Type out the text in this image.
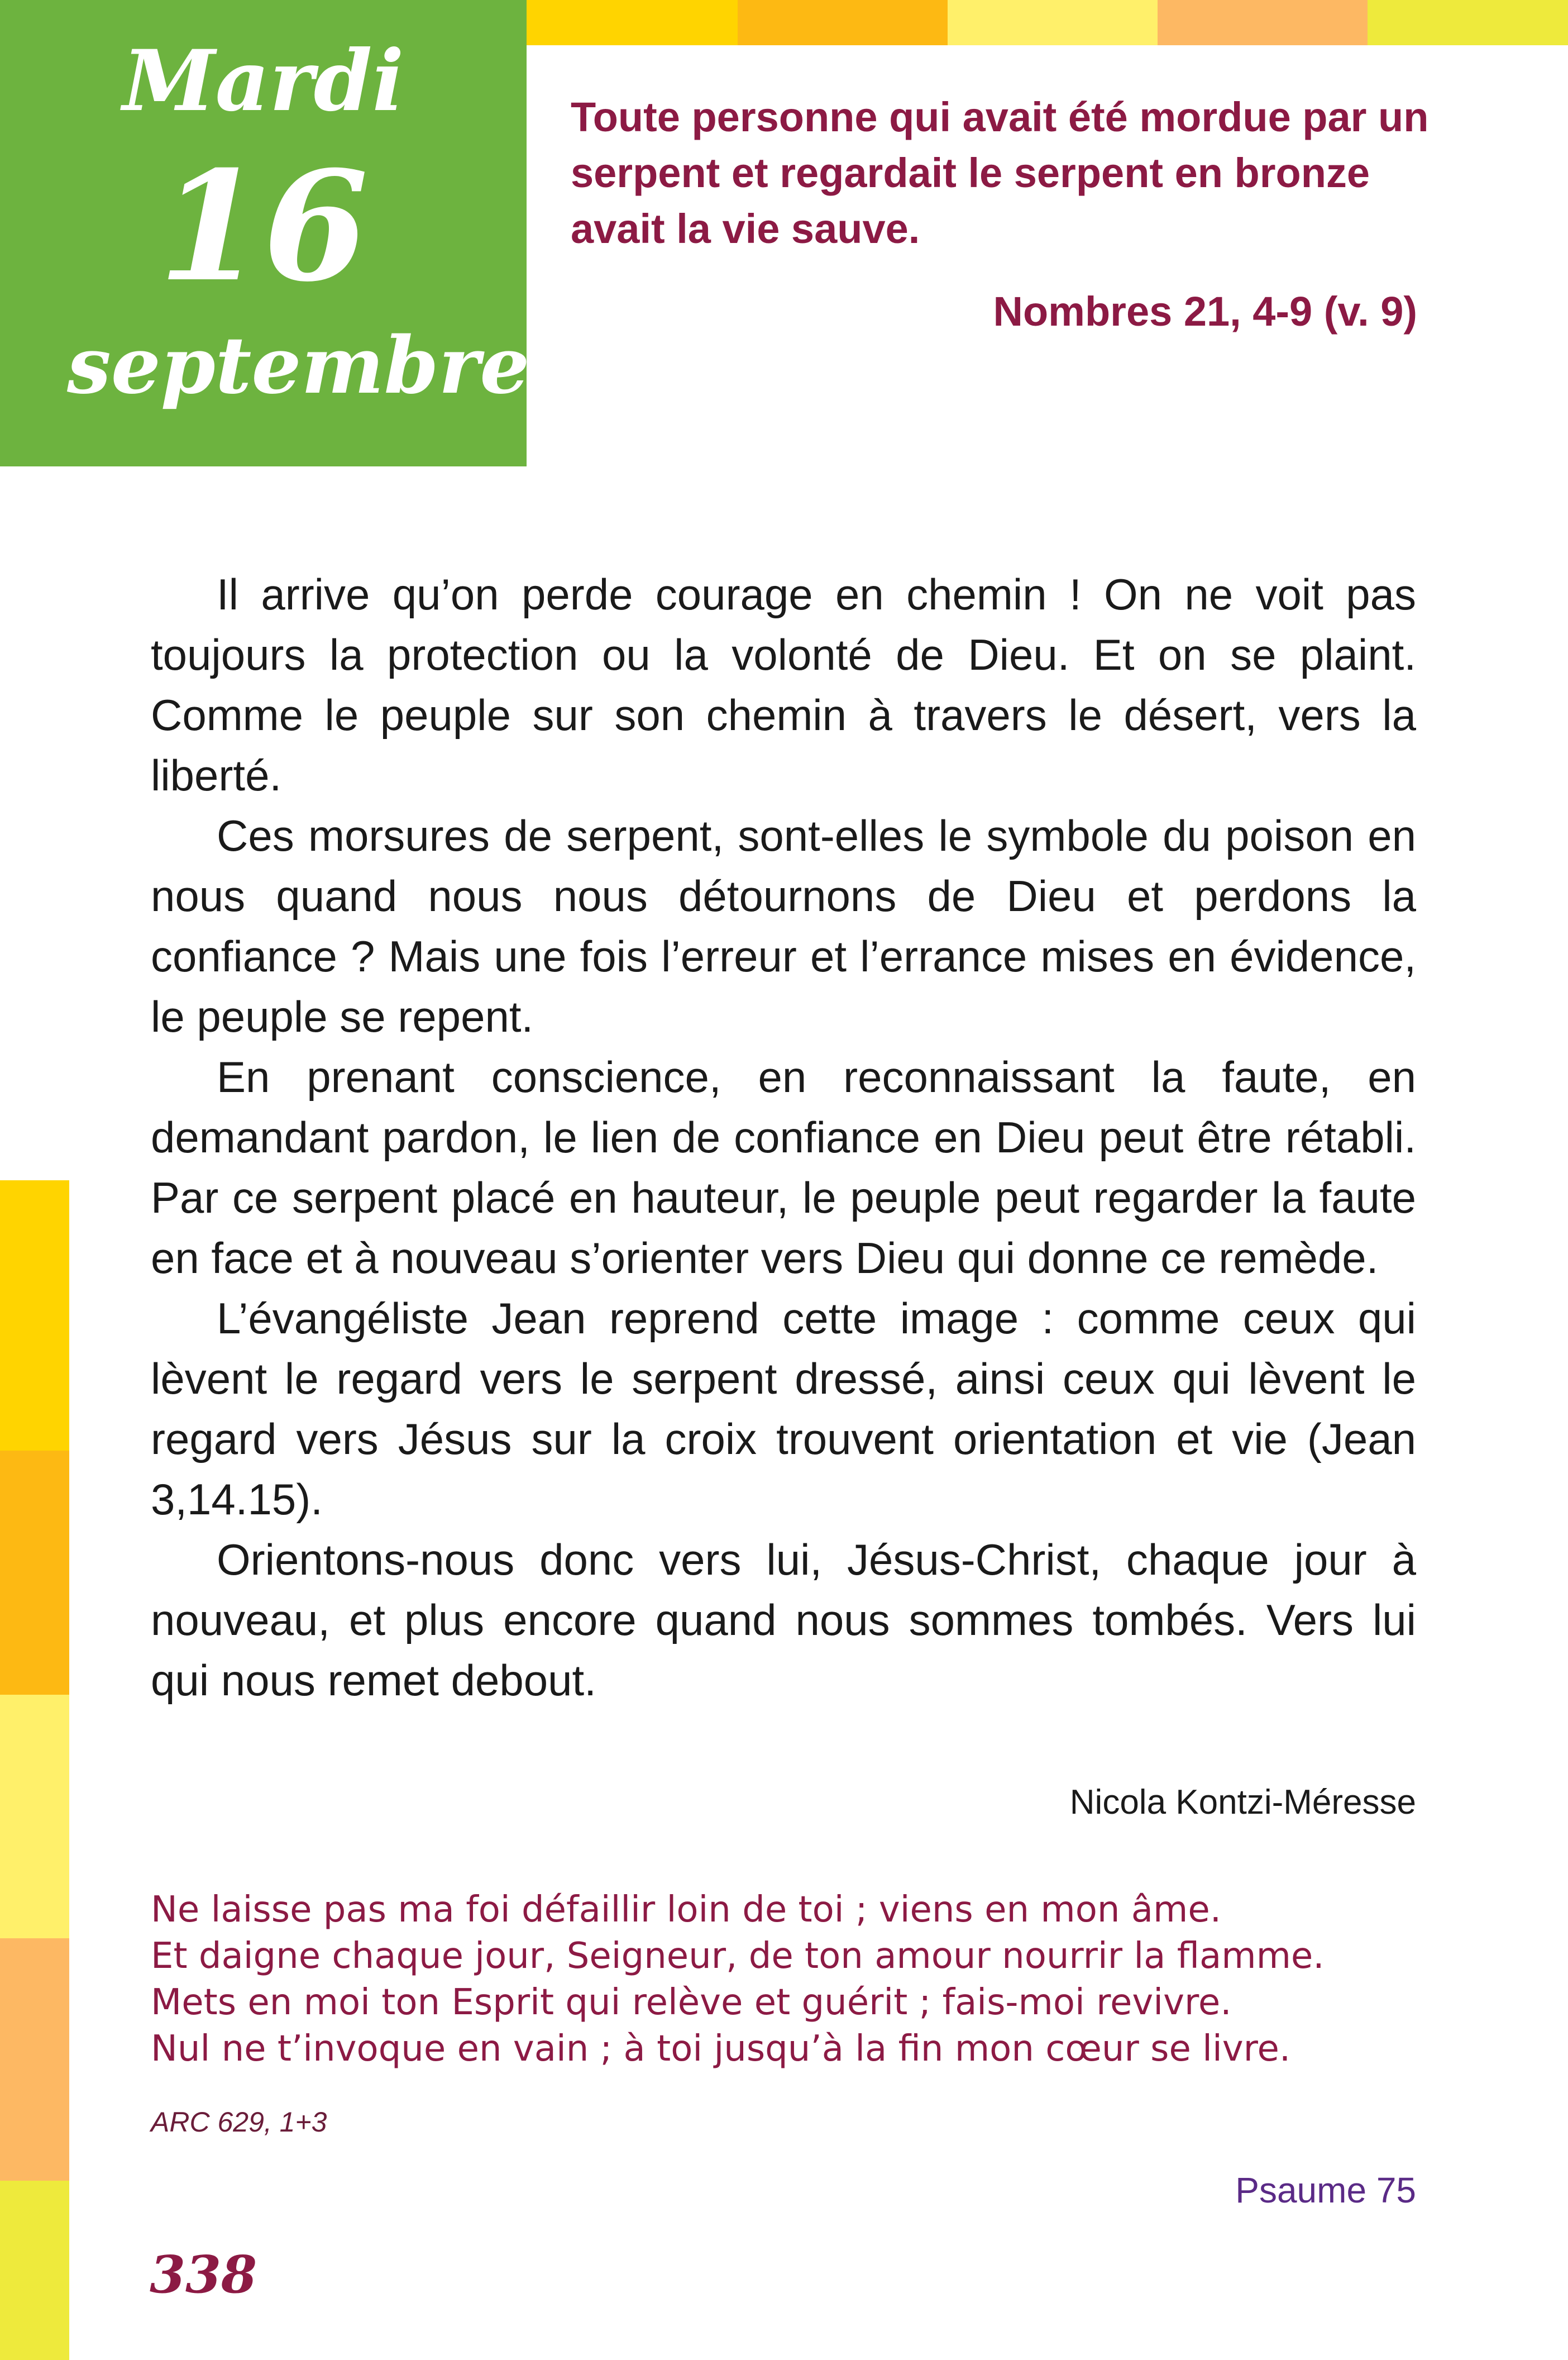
Mardi
16
septembre

Toute personne qui avait été mordue par un serpent et regardait le serpent en bronze avait la vie sauve.

Nombres 21, 4-9 (v. 9)

Il arrive qu’on perde courage en chemin ! On ne voit pas toujours la protection ou la volonté de Dieu. Et on se plaint. Comme le peuple sur son chemin à travers le désert, vers la liberté.

Ces morsures de serpent, sont-elles le symbole du poison en nous quand nous nous détournons de Dieu et perdons la confiance ? Mais une fois l’erreur et l’errance mises en évidence, le peuple se repent.

En prenant conscience, en reconnaissant la faute, en demandant pardon, le lien de confiance en Dieu peut être rétabli. Par ce serpent placé en hauteur, le peuple peut regarder la faute en face et à nouveau s’orienter vers Dieu qui donne ce remède.

L’évangéliste Jean reprend cette image : comme ceux qui lèvent le regard vers le serpent dressé, ainsi ceux qui lèvent le regard vers Jésus sur la croix trouvent orientation et vie (Jean 3,14.15).

Orientons-nous donc vers lui, Jésus-Christ, chaque jour à nouveau, et plus encore quand nous sommes tombés. Vers lui qui nous remet debout.

Nicola Kontzi-Méresse
Ne laisse pas ma foi défaillir loin de toi ; viens en mon âme.
Et daigne chaque jour, Seigneur, de ton amour nourrir la flamme.
Mets en moi ton Esprit qui relève et guérit ; fais-moi revivre.
Nul ne t’invoque en vain ; à toi jusqu’à la fin mon cœur se livre.
ARC 629, 1+3
Psaume 75
338
